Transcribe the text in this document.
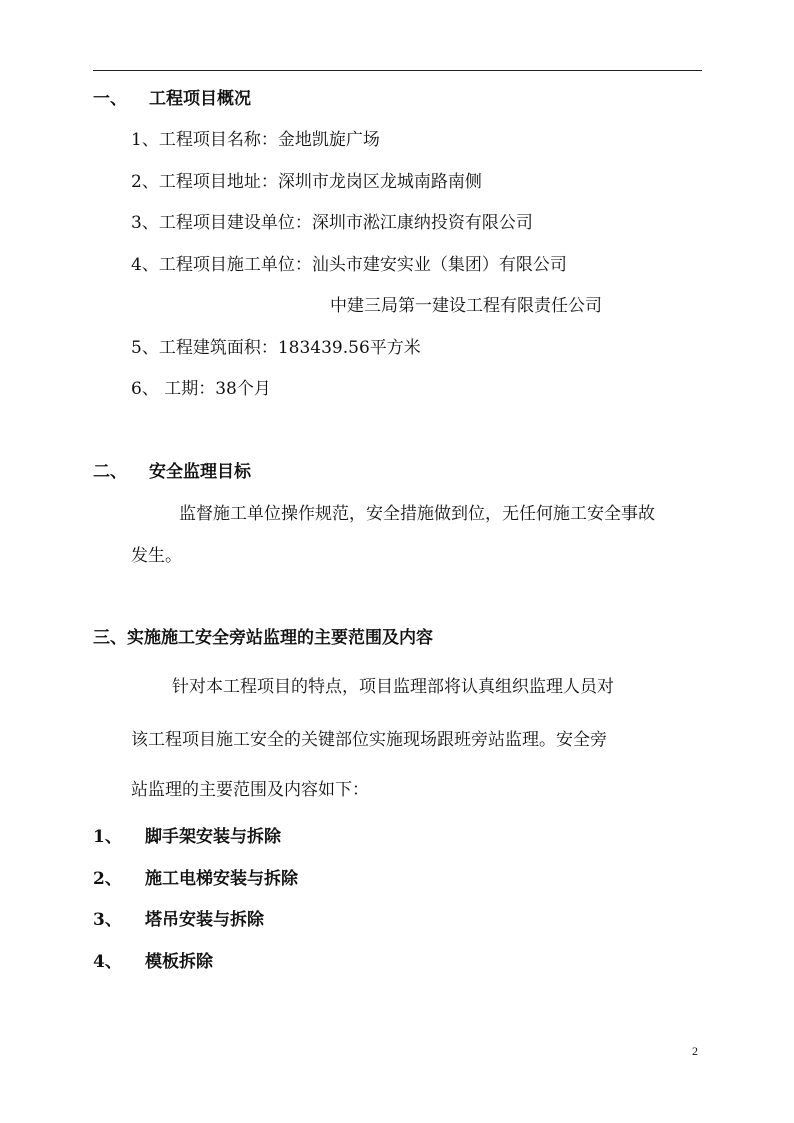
一、 工程项目概况
1、工程项目名称：金地凯旋广场
2、工程项目地址：深圳市龙岗区龙城南路南侧
3、工程项目建设单位：深圳市淞江康纳投资有限公司
4、工程项目施工单位：汕头市建安实业（集团）有限公司
中建三局第一建设工程有限责任公司
5、工程建筑面积：183439.56平方米
6、 工期：38个月
二、 安全监理目标
监督施工单位操作规范，安全措施做到位，无任何施工安全事故
发生。
三、实施施工安全旁站监理的主要范围及内容
针对本工程项目的特点，项目监理部将认真组织监理人员对
该工程项目施工安全的关键部位实施现场跟班旁站监理。安全旁
站监理的主要范围及内容如下：
1、 脚手架安装与拆除
2、 施工电梯安装与拆除
3、 塔吊安装与拆除
4、 模板拆除
2
